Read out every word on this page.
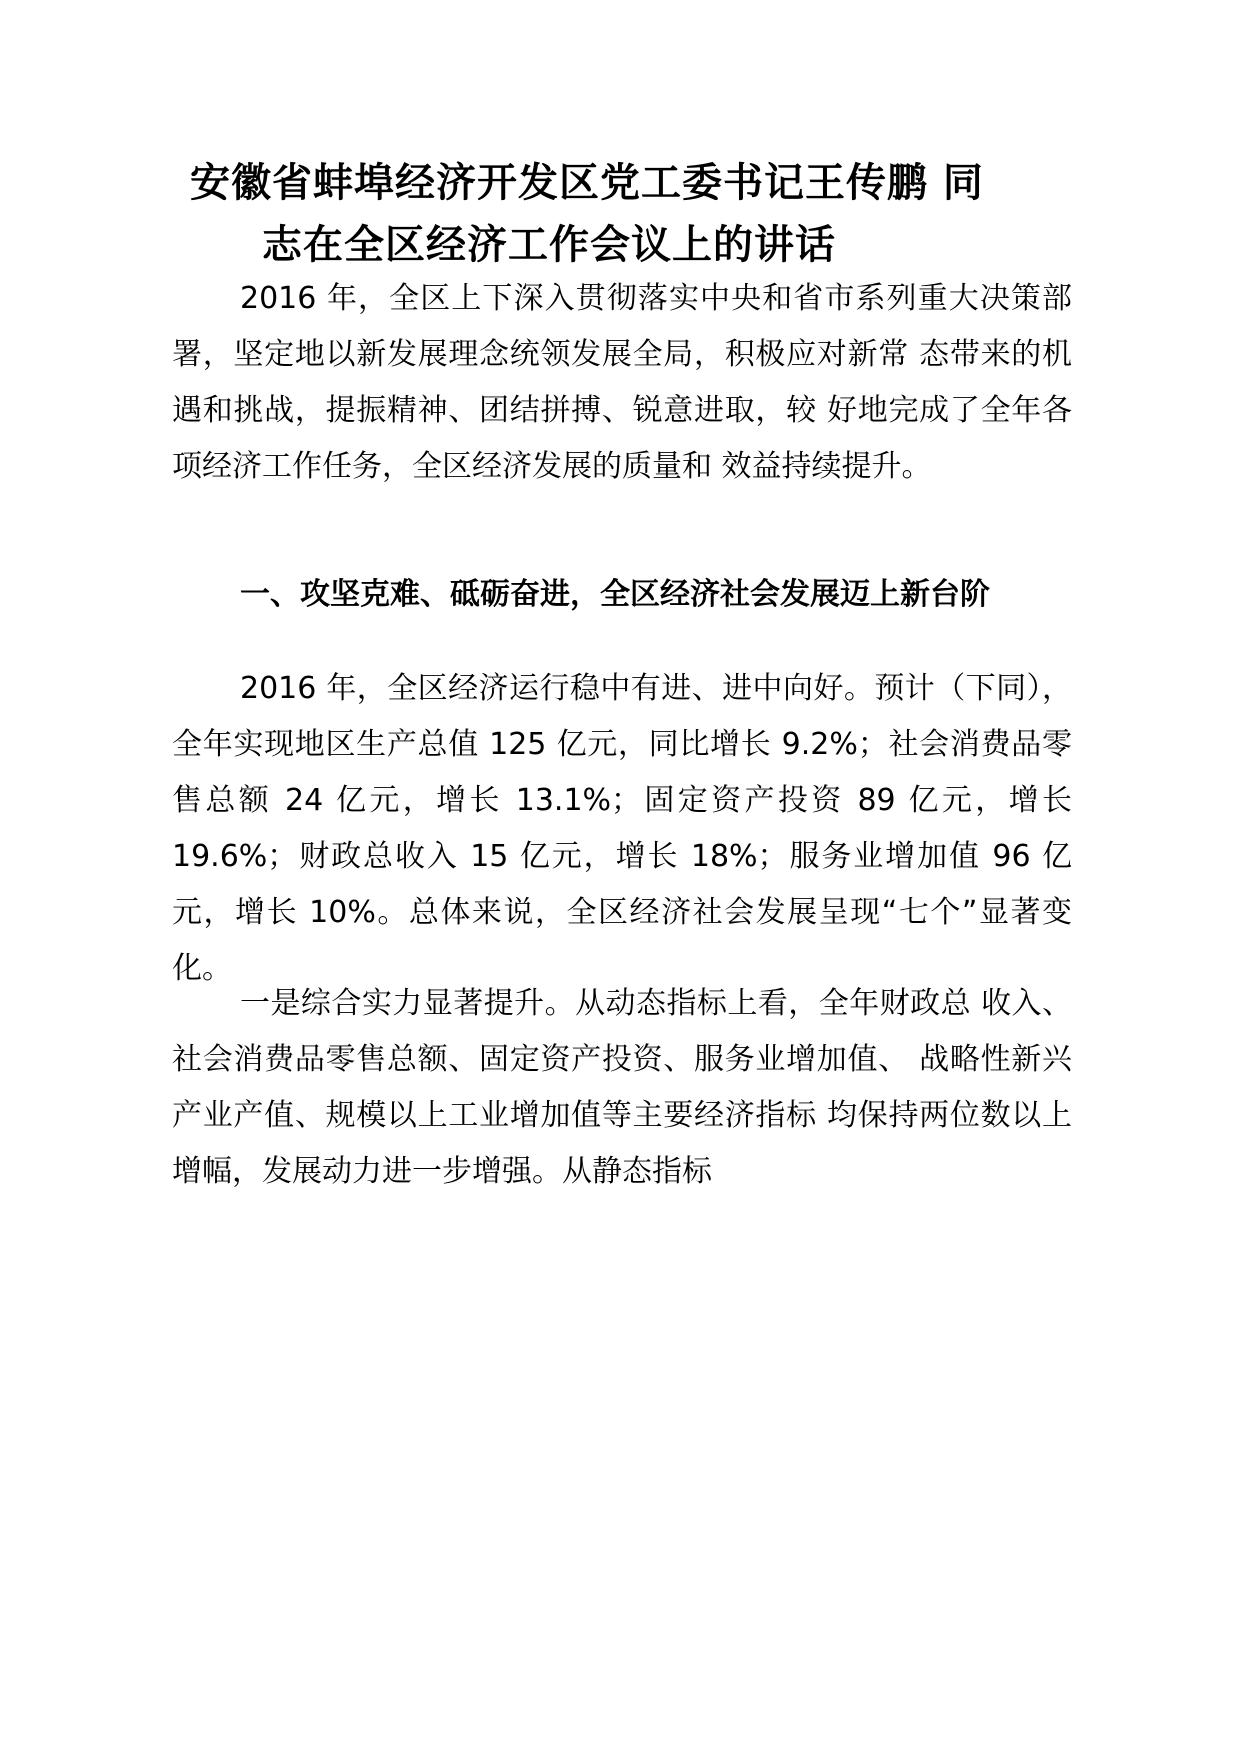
安徽省蚌埠经济开发区党工委书记王传鹏 同
志在全区经济工作会议上的讲话

2016 年，全区上下深入贯彻落实中央和省市系列重大决策部署，坚定地以新发展理念统领发展全局，积极应对新常 态带来的机遇和挑战，提振精神、团结拼搏、锐意进取，较 好地完成了全年各项经济工作任务，全区经济发展的质量和 效益持续提升。

一、攻坚克难、砥砺奋进，全区经济社会发展迈上新台阶

2016 年，全区经济运行稳中有进、进中向好。预计（下同），全年实现地区生产总值 125 亿元，同比增长 9.2%；社会消费品零售总额 24 亿元，增长 13.1%；固定资产投资 89 亿元，增长 19.6%；财政总收入 15 亿元，增长 18%；服务业增加值 96 亿元，增长 10%。总体来说，全区经济社会发展呈现“七个”显著变化。

一是综合实力显著提升。从动态指标上看，全年财政总 收入、社会消费品零售总额、固定资产投资、服务业增加值、 战略性新兴产业产值、规模以上工业增加值等主要经济指标 均保持两位数以上增幅，发展动力进一步增强。从静态指标
